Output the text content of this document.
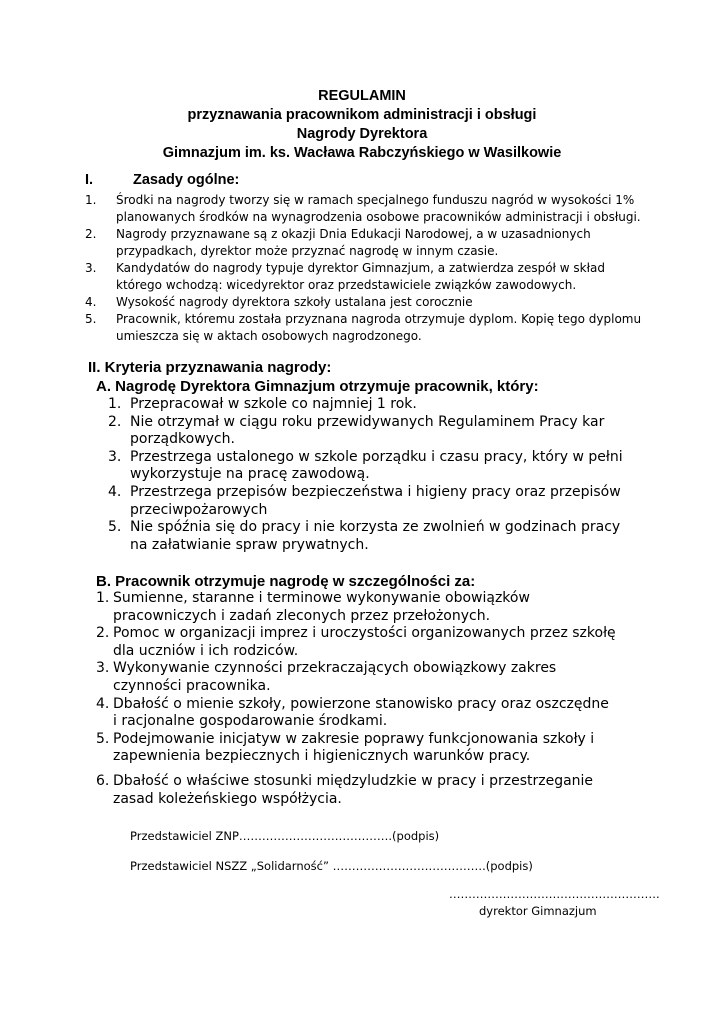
REGULAMIN
przyznawania pracownikom administracji i obsługi
Nagrody Dyrektora
Gimnazjum im. ks. Wacława Rabczyńskiego w Wasilkowie
I.	Zasady ogólne:
1. Środki na nagrody tworzy się w ramach specjalnego funduszu nagród w wysokości 1% planowanych środków na wynagrodzenia osobowe pracowników administracji i obsługi.
2. Nagrody przyznawane są z okazji Dnia Edukacji Narodowej, a w uzasadnionych przypadkach, dyrektor może przyznać nagrodę w innym czasie.
3. Kandydatów do nagrody typuje dyrektor Gimnazjum, a zatwierdza zespół w skład którego wchodzą: wicedyrektor oraz przedstawiciele związków zawodowych.
4. Wysokość nagrody dyrektora szkoły ustalana jest corocznie
5. Pracownik, któremu została przyznana nagroda otrzymuje dyplom. Kopię tego dyplomu umieszcza się w aktach osobowych nagrodzonego.
II. Kryteria przyznawania nagrody:
A. Nagrodę Dyrektora Gimnazjum otrzymuje pracownik, który:
1. Przepracował w szkole co najmniej 1 rok.
2. Nie otrzymał w ciągu roku przewidywanych Regulaminem Pracy kar porządkowych.
3. Przestrzega ustalonego w szkole porządku i czasu pracy, który w pełni wykorzystuje na pracę zawodową.
4. Przestrzega przepisów bezpieczeństwa i higieny pracy oraz przepisów przeciwpożarowych
5. Nie spóźnia się do pracy i nie korzysta ze zwolnień w godzinach pracy na załatwianie spraw prywatnych.
B. Pracownik otrzymuje nagrodę w szczególności za:
1. Sumienne, staranne i terminowe wykonywanie obowiązków pracowniczych i zadań zleconych przez przełożonych.
2. Pomoc w organizacji imprez i uroczystości organizowanych przez szkołę dla uczniów i ich rodziców.
3. Wykonywanie czynności przekraczających obowiązkowy zakres czynności pracownika.
4. Dbałość o mienie szkoły, powierzone stanowisko pracy oraz oszczędne i racjonalne gospodarowanie środkami.
5. Podejmowanie inicjatyw w zakresie poprawy funkcjonowania szkoły i zapewnienia bezpiecznych i higienicznych warunków pracy.
6. Dbałość o właściwe stosunki międzyludzkie w pracy i przestrzeganie zasad koleżeńskiego współżycia.
Przedstawiciel ZNP………………………………….(podpis)
Przedstawiciel NSZZ „Solidarność” ………………………………….(podpis)
……………………………………………….
dyrektor Gimnazjum
